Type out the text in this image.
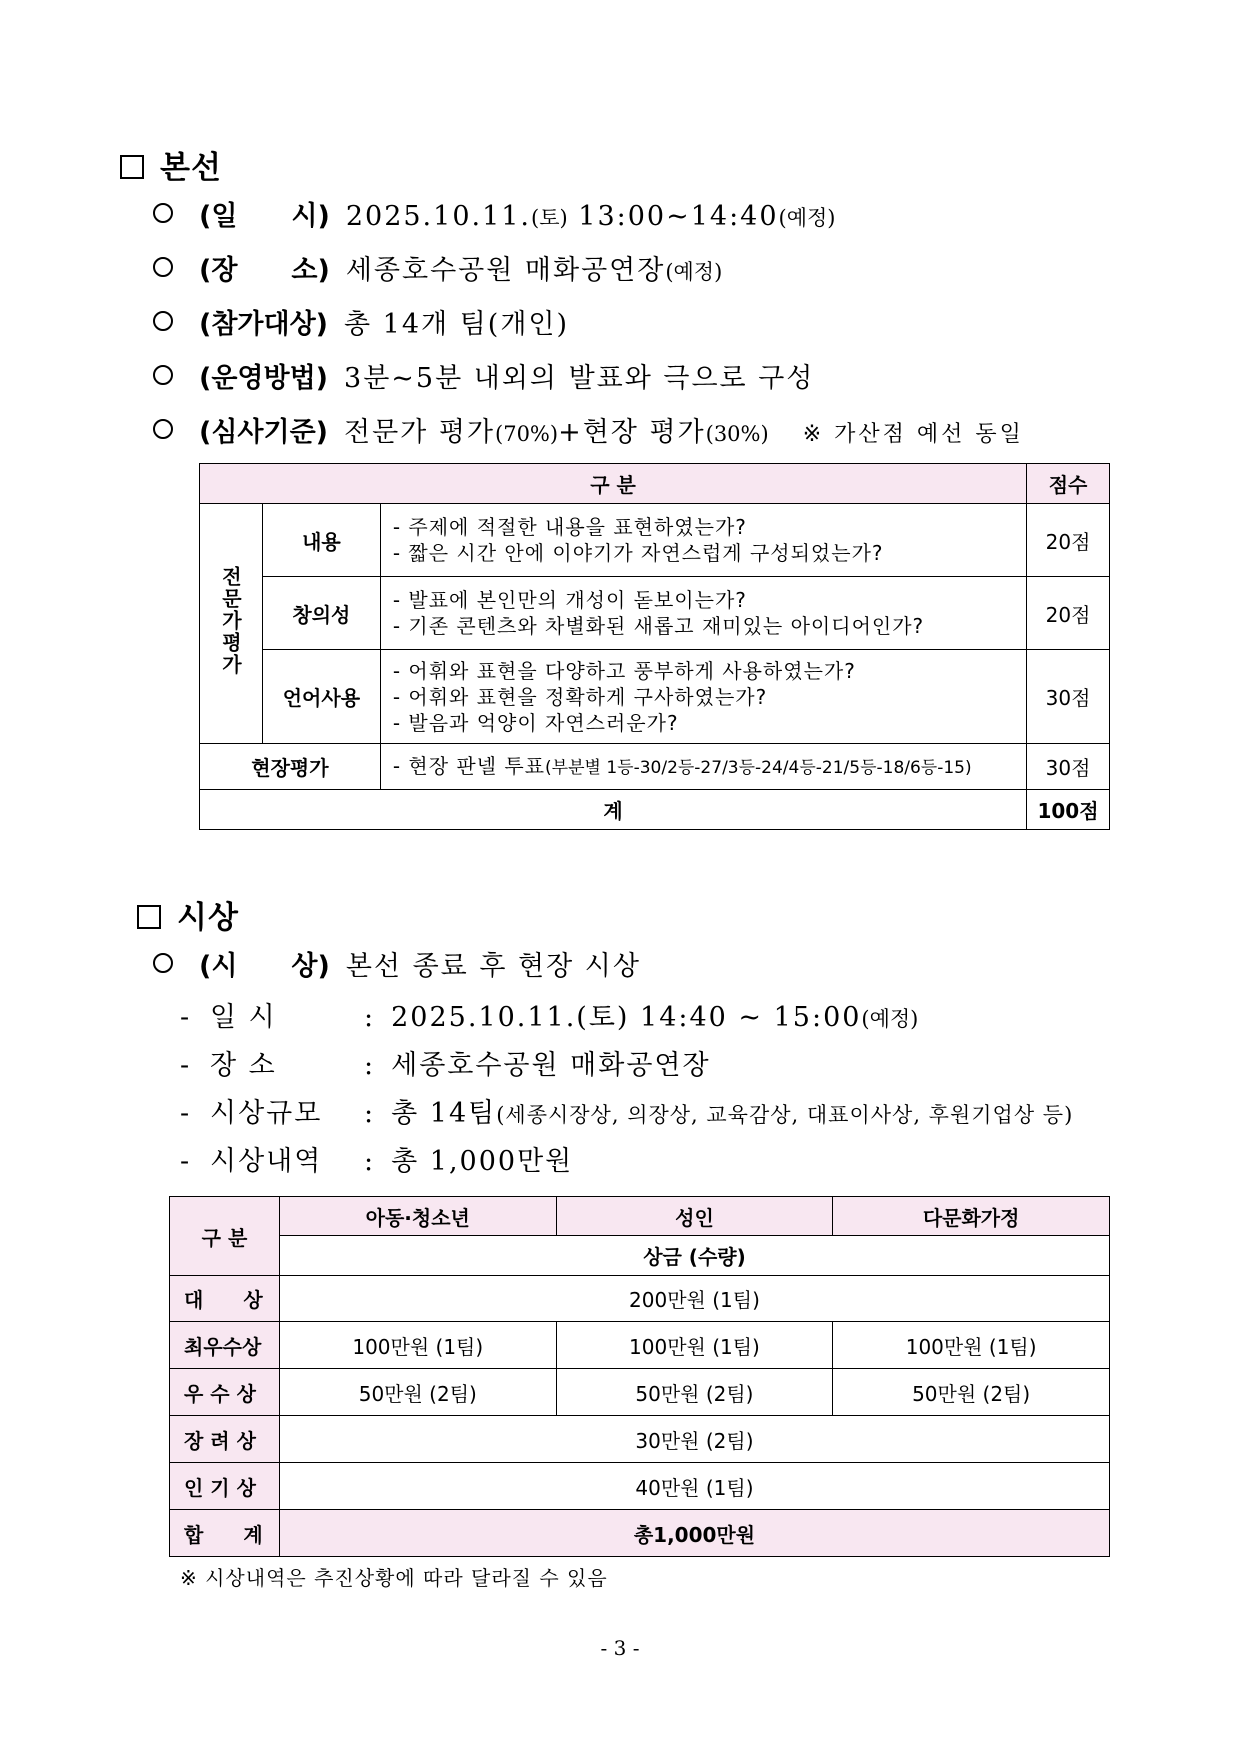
본선
(일　　시) 2025.10.11. (토) 13:00~14:40 (예정)
(장　　소) 세종호수공원 매화공연장 (예정)
(참가대상) 총 14개 팀(개인)
(운영방법) 3분~5분 내외의 발표와 극으로 구성
(심사기준) 전문가 평가 (70%) +현장 평가 (30%) ※ 가산점 예선 동일
구 분			점수
전문가평가	내용	- 주제에 적절한 내용을 표현하였는가?
- 짧은 시간 안에 이야기가 자연스럽게 구성되었는가?	20점
	창의성	- 발표에 본인만의 개성이 돋보이는가?
- 기존 콘텐츠와 차별화된 새롭고 재미있는 아이디어인가?	20점
	언어사용	- 어휘와 표현을 다양하고 풍부하게 사용하였는가?
- 어휘와 표현을 정확하게 구사하였는가?
- 발음과 억양이 자연스러운가?	30점
현장평가		- 현장 판넬 투표(부분별 1등-30/2등-27/3등-24/4등-21/5등-18/6등-15)	30점
계			100점
시상
(시　　상) 본선 종료 후 현장 시상
- 일 시	: 2025.10.11.(토) 14:40 ~ 15:00 (예정)
- 장 소	: 세종호수공원 매화공연장
- 시상규모	: 총 14팀 (세종시장상, 의장상, 교육감상, 대표이사상, 후원기업상 등)
- 시상내역	: 총 1,000만원
구 분	아동·청소년	성인	다문화가정
	상금 (수량)		
대　　상	200만원 (1팀)		
최우수상	100만원 (1팀)	100만원 (1팀)	100만원 (1팀)
우 수 상	50만원 (2팀)	50만원 (2팀)	50만원 (2팀)
장 려 상	30만원 (2팀)		
인 기 상	40만원 (1팀)		
합　　계	총1,000만원		
※ 시상내역은 추진상황에 따라 달라질 수 있음
- 3 -
